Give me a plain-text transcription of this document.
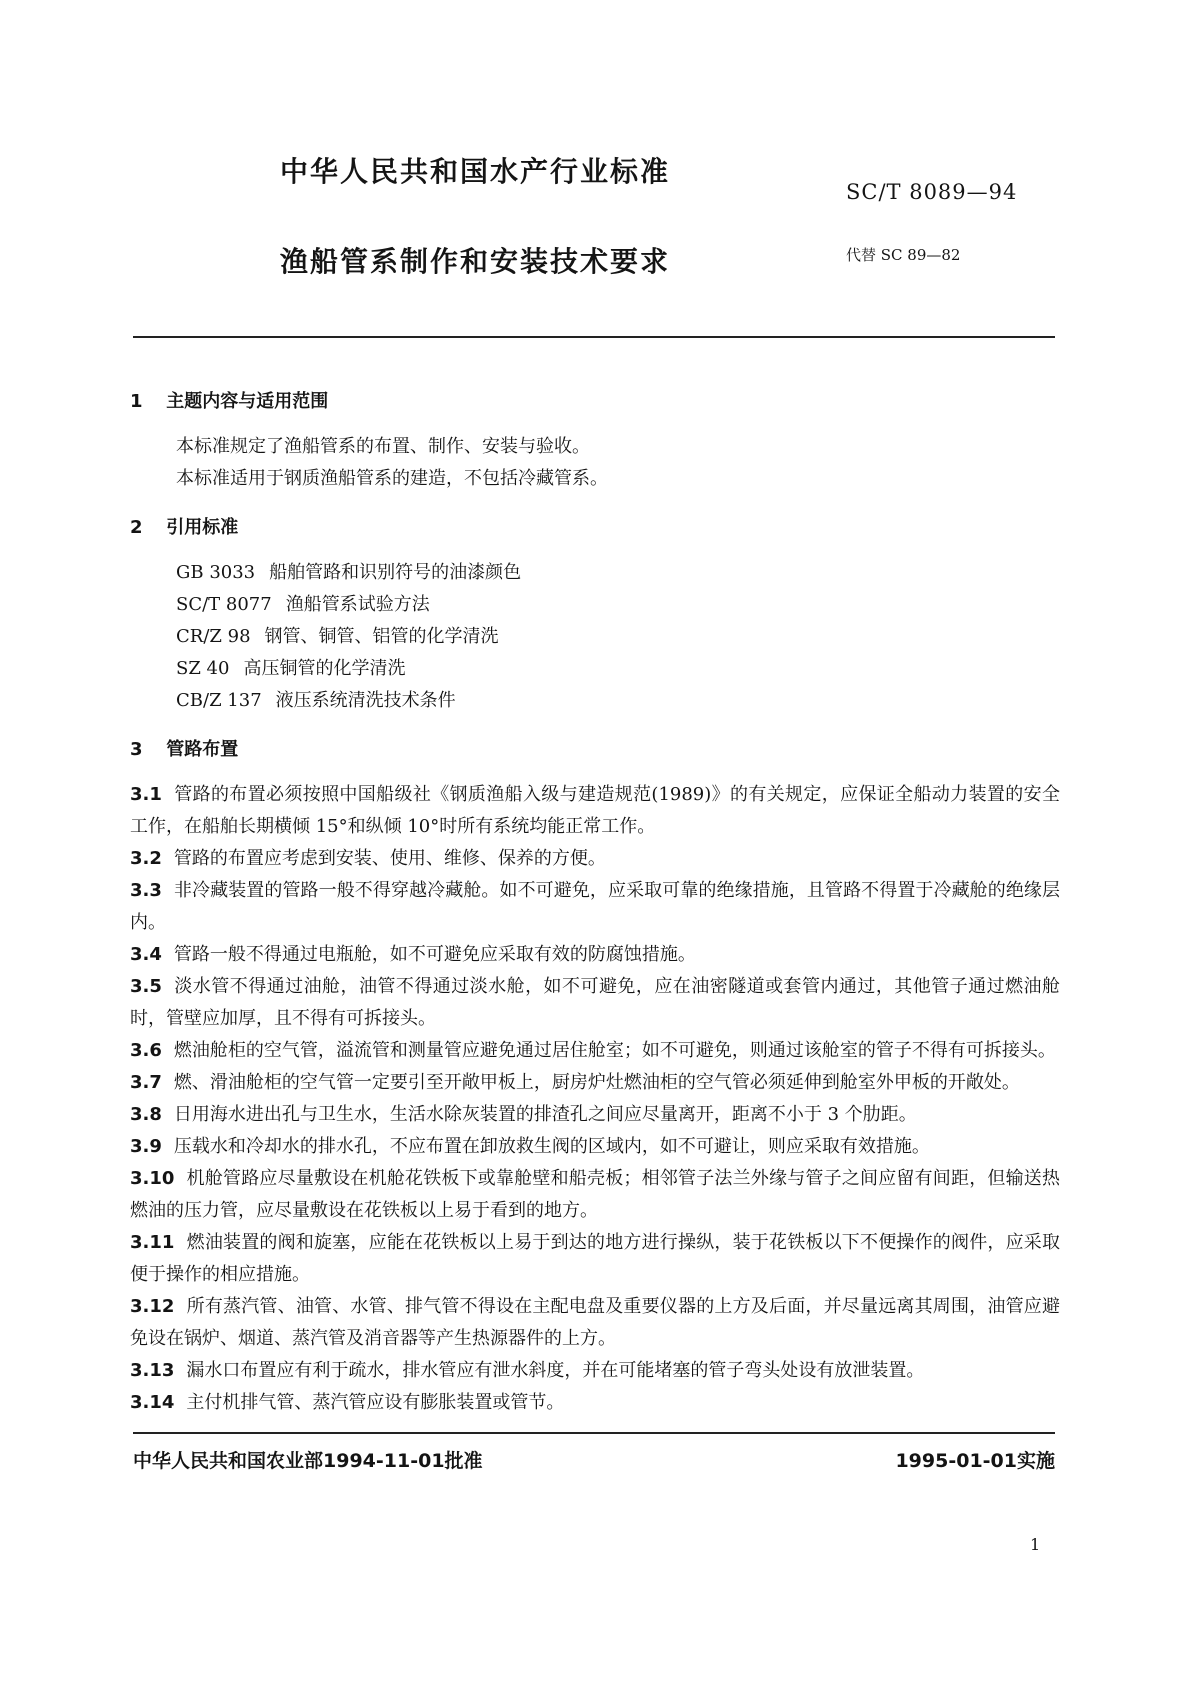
中华人民共和国水产行业标准
SC/T 8089—94
渔船管系制作和安装技术要求	代替 SC 89—82
1 主题内容与适用范围

本标准规定了渔船管系的布置、制作、安装与验收。

本标准适用于钢质渔船管系的建造，不包括冷藏管系。

2 引用标准
GB 3033 船舶管路和识别符号的油漆颜色
SC/T 8077 渔船管系试验方法
CR/Z 98 钢管、铜管、铝管的化学清洗
SZ 40 高压铜管的化学清洗
CB/Z 137 液压系统清洗技术条件
3 管路布置

3.1 管路的布置必须按照中国船级社《钢质渔船入级与建造规范(1989)》的有关规定，应保证全船动力装置的安全工作，在船舶长期横倾 15°和纵倾 10°时所有系统均能正常工作。

3.2 管路的布置应考虑到安装、使用、维修、保养的方便。

3.3 非冷藏装置的管路一般不得穿越冷藏舱。如不可避免，应采取可靠的绝缘措施，且管路不得置于冷藏舱的绝缘层内。

3.4 管路一般不得通过电瓶舱，如不可避免应采取有效的防腐蚀措施。

3.5 淡水管不得通过油舱，油管不得通过淡水舱，如不可避免，应在油密隧道或套管内通过，其他管子通过燃油舱时，管壁应加厚，且不得有可拆接头。

3.6 燃油舱柜的空气管，溢流管和测量管应避免通过居住舱室；如不可避免，则通过该舱室的管子不得有可拆接头。

3.7 燃、滑油舱柜的空气管一定要引至开敞甲板上，厨房炉灶燃油柜的空气管必须延伸到舱室外甲板的开敞处。

3.8 日用海水进出孔与卫生水，生活水除灰装置的排渣孔之间应尽量离开，距离不小于 3 个肋距。

3.9 压载水和冷却水的排水孔，不应布置在卸放救生阀的区域内，如不可避让，则应采取有效措施。

3.10 机舱管路应尽量敷设在机舱花铁板下或靠舱壁和船壳板；相邻管子法兰外缘与管子之间应留有间距，但输送热燃油的压力管，应尽量敷设在花铁板以上易于看到的地方。

3.11 燃油装置的阀和旋塞，应能在花铁板以上易于到达的地方进行操纵，装于花铁板以下不便操作的阀件，应采取便于操作的相应措施。

3.12 所有蒸汽管、油管、水管、排气管不得设在主配电盘及重要仪器的上方及后面，并尽量远离其周围，油管应避免设在锅炉、烟道、蒸汽管及消音器等产生热源器件的上方。

3.13 漏水口布置应有利于疏水，排水管应有泄水斜度，并在可能堵塞的管子弯头处设有放泄装置。

3.14 主付机排气管、蒸汽管应设有膨胀装置或管节。

中华人民共和国农业部1994-11-01批准	1995-01-01实施
1
